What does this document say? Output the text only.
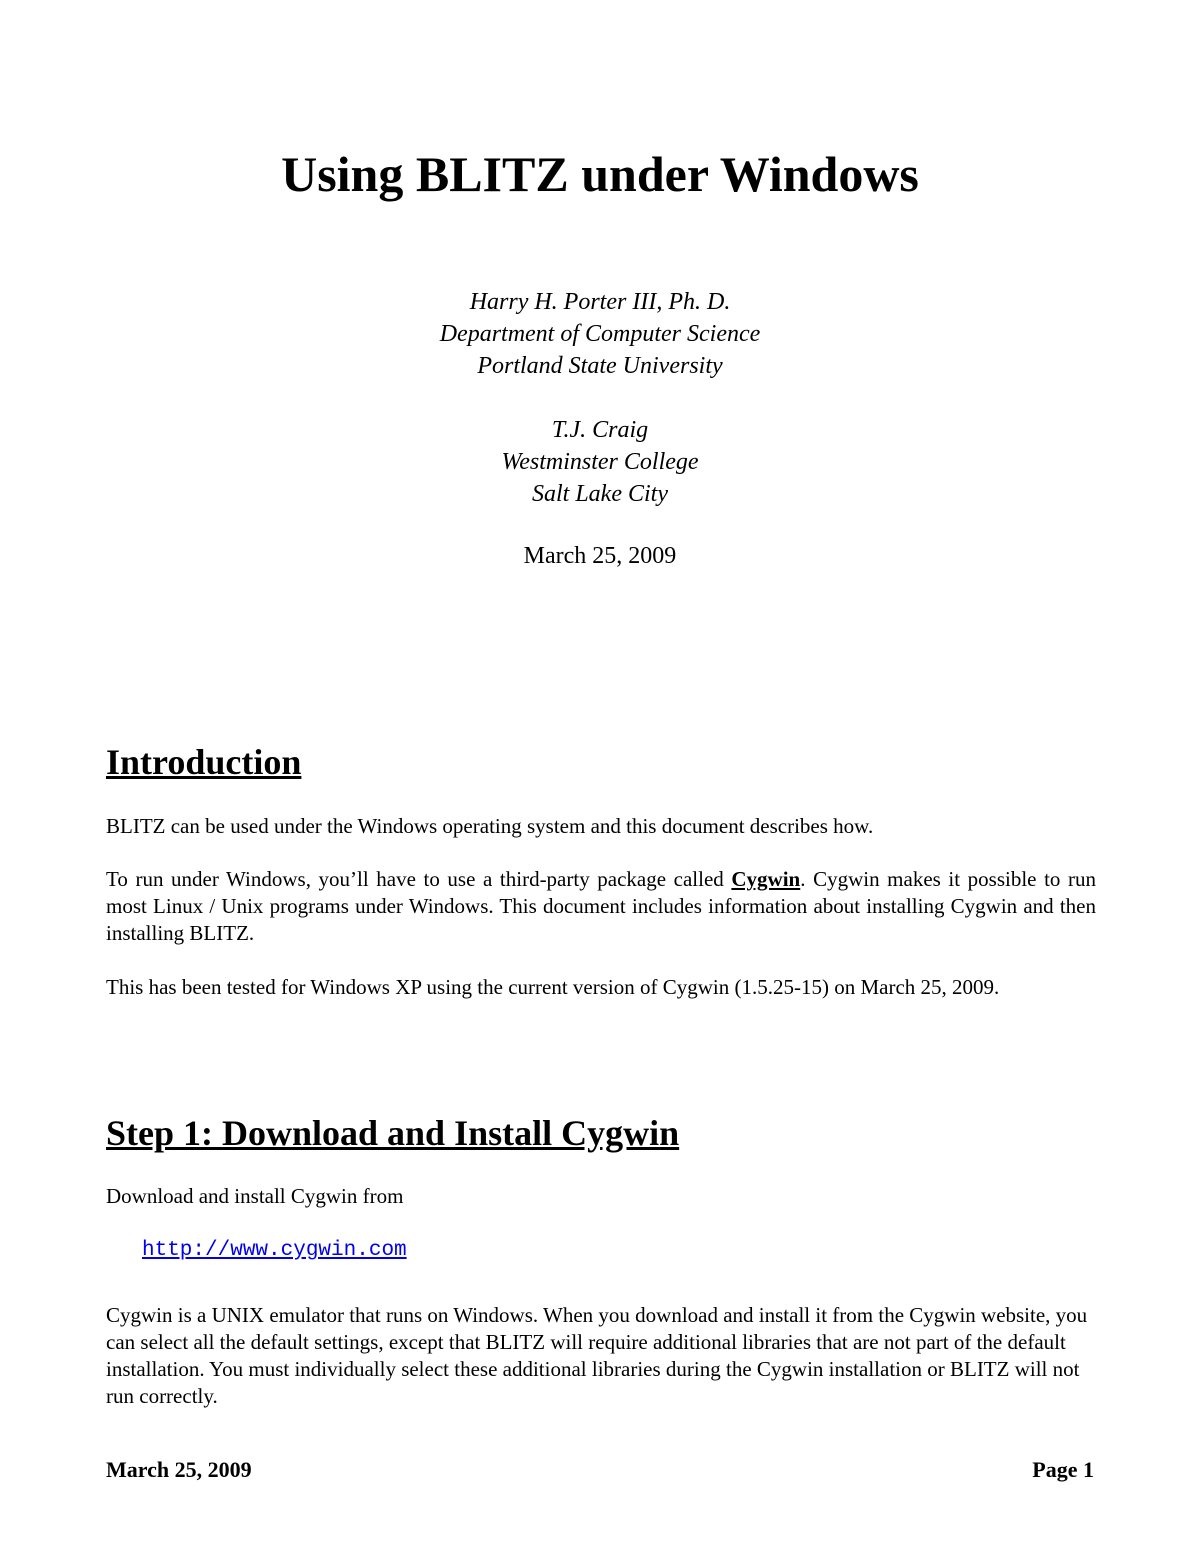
Using BLITZ under Windows
Harry H. Porter III, Ph. D.
Department of Computer Science
Portland State University
T.J. Craig
Westminster College
Salt Lake City
March 25, 2009
Introduction
BLITZ can be used under the Windows operating system and this document describes how.
To run under Windows, you’ll have to use a third-party package called Cygwin. Cygwin makes it possible to run most Linux / Unix programs under Windows. This document includes information about installing Cygwin and then installing BLITZ.
This has been tested for Windows XP using the current version of Cygwin (1.5.25-15) on March 25, 2009.
Step 1: Download and Install Cygwin
Download and install Cygwin from
http://www.cygwin.com
Cygwin is a UNIX emulator that runs on Windows. When you download and install it from the Cygwin website, you can select all the default settings, except that BLITZ will require additional libraries that are not part of the default installation. You must individually select these additional libraries during the Cygwin installation or BLITZ will not run correctly.
March 25, 2009	Page 1
